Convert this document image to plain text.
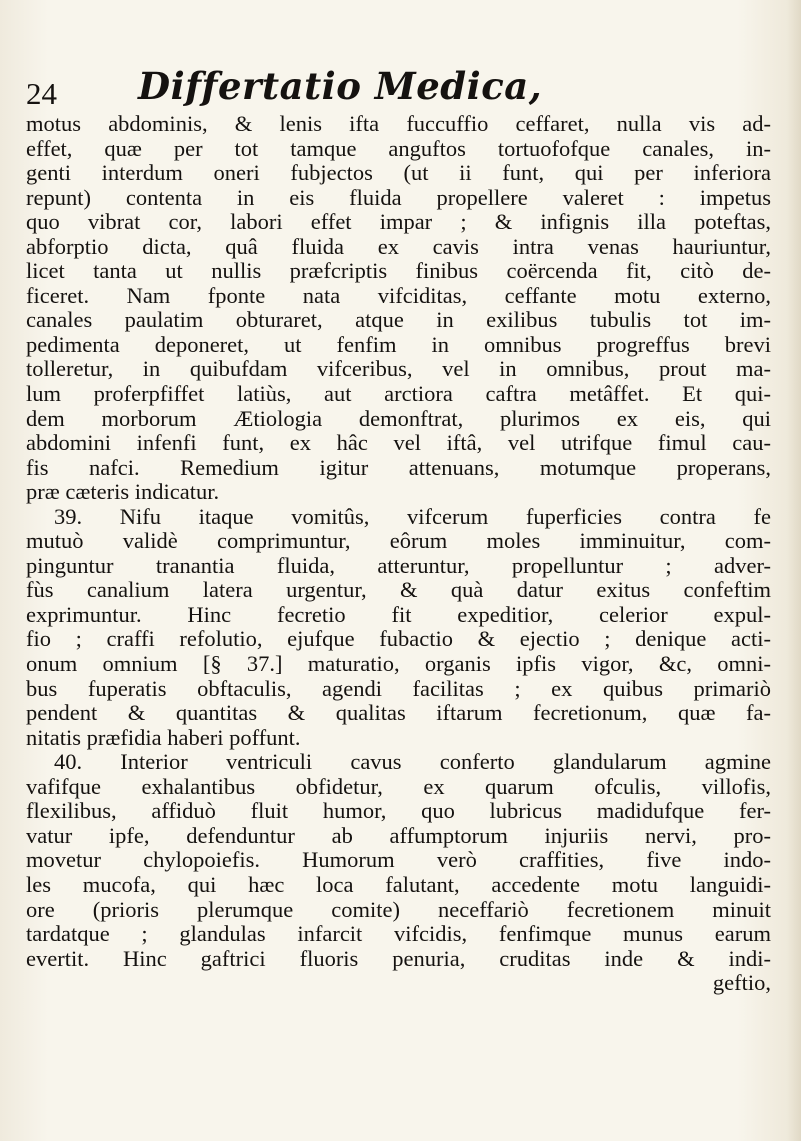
24 Differtatio Medica,
motus abdominis, & lenis ifta fuccuffio ceffaret, nulla vis ad-
effet, quæ per tot tamque anguftos tortuofofque canales, in-
genti interdum oneri fubjectos (ut ii funt, qui per inferiora
repunt) contenta in eis fluida propellere valeret : impetus
quo vibrat cor, labori effet impar ; & infignis illa poteftas,
abforptio dicta, quâ fluida ex cavis intra venas hauriuntur,
licet tanta ut nullis præfcriptis finibus coërcenda fit, citò de-
ficeret. Nam fponte nata vifciditas, ceffante motu externo,
canales paulatim obturaret, atque in exilibus tubulis tot im-
pedimenta deponeret, ut fenfim in omnibus progreffus brevi
tolleretur, in quibufdam vifceribus, vel in omnibus, prout ma-
lum proferpfiffet latiùs, aut arctiora caftra metâffet. Et qui-
dem morborum Ætiologia demonftrat, plurimos ex eis, qui
abdomini infenfi funt, ex hâc vel iftâ, vel utrifque fimul cau-
fis nafci. Remedium igitur attenuans, motumque properans,
præ cæteris indicatur.
39. Nifu itaque vomitûs, vifcerum fuperficies contra fe
mutuò validè comprimuntur, eôrum moles imminuitur, com-
pinguntur tranantia fluida, atteruntur, propelluntur ; adver-
fùs canalium latera urgentur, & quà datur exitus confeftim
exprimuntur. Hinc fecretio fit expeditior, celerior expul-
fio ; craffi refolutio, ejufque fubactio & ejectio ; denique acti-
onum omnium [§ 37.] maturatio, organis ipfis vigor, &c, omni-
bus fuperatis obftaculis, agendi facilitas ; ex quibus primariò
pendent & quantitas & qualitas iftarum fecretionum, quæ fa-
nitatis præfidia haberi poffunt.
40. Interior ventriculi cavus conferto glandularum agmine
vafifque exhalantibus obfidetur, ex quarum ofculis, villofis,
flexilibus, affiduò fluit humor, quo lubricus madidufque fer-
vatur ipfe, defenduntur ab affumptorum injuriis nervi, pro-
movetur chylopoiefis. Humorum verò craffities, five indo-
les mucofa, qui hæc loca falutant, accedente motu languidi-
ore (prioris plerumque comite) neceffariò fecretionem minuit
tardatque ; glandulas infarcit vifcidis, fenfimque munus earum
evertit. Hinc gaftrici fluoris penuria, cruditas inde & indi-
geftio,
